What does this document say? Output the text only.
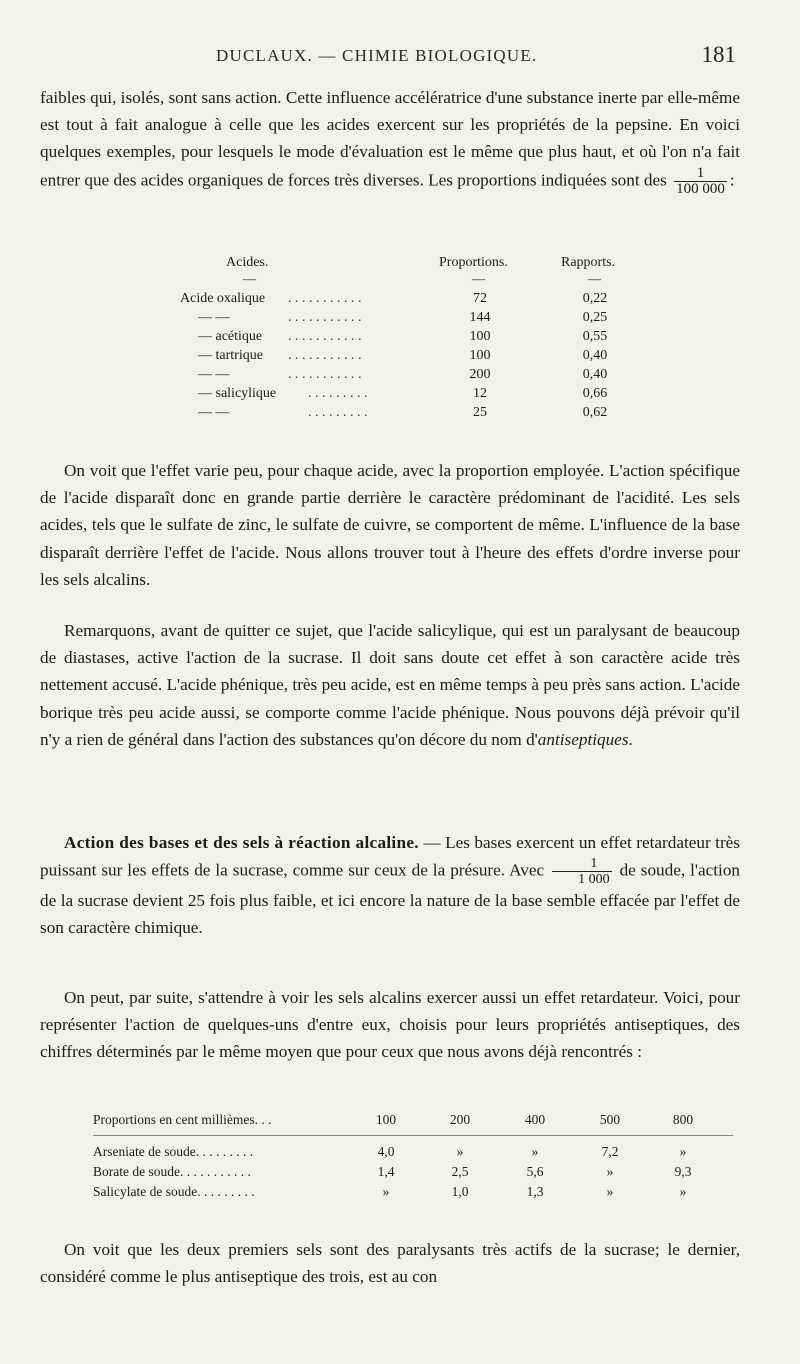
DUCLAUX. — CHIMIE BIOLOGIQUE.	181

faibles qui, isolés, sont sans action. Cette influence accélératrice d'une substance inerte par elle-même est tout à fait analogue à celle que les acides exercent sur les propriétés de la pepsine. En voici quelques exemples, pour lesquels le mode d'évaluation est le même que plus haut, et où l'on n'a fait entrer que des acides organiques de forces très diverses. Les proportions indiquées sont des $\frac{1}{100 000}$ :

Acides.	Proportions.	Rapports.
—	—	—
Acide oxalique . . . . . . . . . . .	72	0,22
— —	. . . . . . . . . . .	144	0,25
— acétique . . . . . . . . . . .	100	0,55
— tartrique . . . . . . . . . . .	100	0,40
— —	. . . . . . . . . . .	200	0,40
— salicylique . . . . . . . . .	12	0,66
— —	. . . . . . . . .	25	0,62

On voit que l'effet varie peu, pour chaque acide, avec la proportion employée. L'action spécifique de l'acide disparaît donc en grande partie derrière le caractère prédominant de l'acidité. Les sels acides, tels que le sulfate de zinc, le sulfate de cuivre, se comportent de même. L'influence de la base disparaît derrière l'effet de l'acide. Nous allons trouver tout à l'heure des effets d'ordre inverse pour les sels alcalins.

Remarquons, avant de quitter ce sujet, que l'acide salicylique, qui est un paralysant de beaucoup de diastases, active l'action de la sucrase. Il doit sans doute cet effet à son caractère acide très nettement accusé. L'acide phénique, très peu acide, est en même temps à peu près sans action. L'acide borique très peu acide aussi, se comporte comme l'acide phénique. Nous pouvons déjà prévoir qu'il n'y a rien de général dans l'action des substances qu'on décore du nom d'antiseptiques.

Action des bases et des sels à réaction alcaline. — Les bases exercent un effet retardateur très puissant sur les effets de la sucrase, comme sur ceux de la présure. Avec $\frac{1}{1 000}$ de soude, l'action de la sucrase devient 25 fois plus faible, et ici encore la nature de la base semble effacée par l'effet de son caractère chimique.

On peut, par suite, s'attendre à voir les sels alcalins exercer aussi un effet retardateur. Voici, pour représenter l'action de quelques-uns d'entre eux, choisis pour leurs propriétés antiseptiques, des chiffres déterminés par le même moyen que pour ceux que nous avons déjà rencontrés :

Proportions en cent millièmes. . .	100	200	400	500	800
Arseniate de soude. . . . . . . . .	4,0	»	»	7,2	»
Borate de soude. . . . . . . . . . .	1,4	2,5	5,6	»	9,3
Salicylate de soude. . . . . . . . .	»	1,0	1,3	»	»

On voit que les deux premiers sels sont des paralysants très actifs de la sucrase; le dernier, considéré comme le plus antiseptique des trois, est au con
